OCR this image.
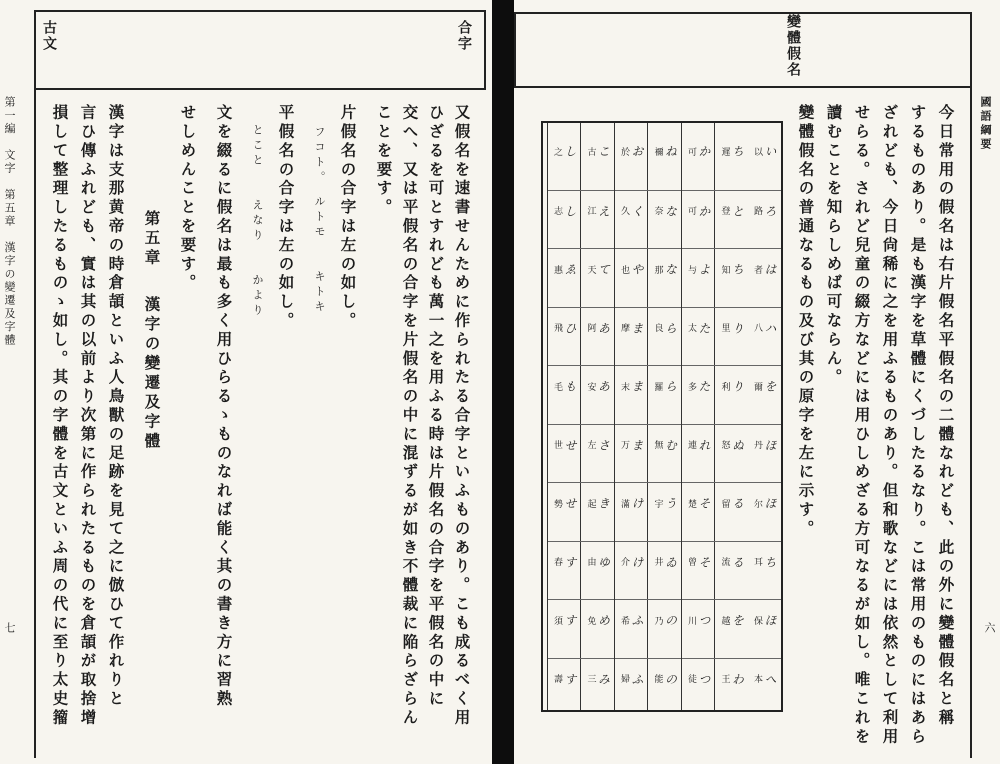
古文	合字
第一編　文字　第五章　漢字の變遷及字體
七	又假名を速書せんために作られたる合字といふものあり。こも成るべく用
ひざるを可とすれども萬一之を用ふる時は片假名の合字を平假名の中に
交へ、又は平假名の合字を片假名の中に混ずるが如き不體裁に陥らざらん
ことを要す。
片假名の合字は左の如し。
フコト。　ルトモ　　キトキ
平假名の合字は左の如し。
とこと　　えなり　　かより
文を綴るに假名は最も多く用ひらるゝものなれば能く其の書き方に習熟
せしめんことを要す。
第五章
漢字の變遷及字體
漢字は支那黄帝の時倉頡といふ人鳥獸の足跡を見て之に倣ひて作れりと
言ひ傳ふれども、實は其の以前より次第に作られたるものを倉頡が取捨增
損して整理したるものゝ如し。其の字體を古文といふ周の代に至り太史籀
變體假名
國語綱要
六
今日常用の假名は右片假名平假名の二體なれども、此の外に變體假名と稱
するものあり。是も漢字を草體にくづしたるなり。こは常用のものにはあら
ざれども、今日尙稀に之を用ふるものあり。但和歌などには依然として利用
せらる。されど兒童の綴方などには用ひしめざる方可なるが如し。唯これを
讀むことを知らしめば可ならん。
變體假名の普通なるもの及び其の原字を左に示す。
以 い
路 ろ
者 は
八 ハ
爾 を
丹 ほ
尔 ほ
耳 ち
保 ほ
本 へ
遲 ち
登 と
知 ち
里 り
利 り
怒 ぬ
留 る
流 る
越 を
王 わ
可 か
可 か
与 よ
太 た
多 た
連 れ
楚 そ
曾 そ
川 つ
徒 つ
禰 ね
奈 な
那 な
良 ら
羅 ら
無 む
宇 う
井 ゐ
乃 の
能 の
於 お
久 く
也 や
摩 ま
末 ま
万 ま
滿 け
介 け
希 ふ
婦 ふ
古 こ
江 え
天 て
阿 あ
安 あ
左 さ
起 き
由 ゆ
免 め
三 み
之 し
志 し
惠 ゑ
飛 ひ
毛 も
世 せ
勢 せ
春 す
須 す
壽 す
